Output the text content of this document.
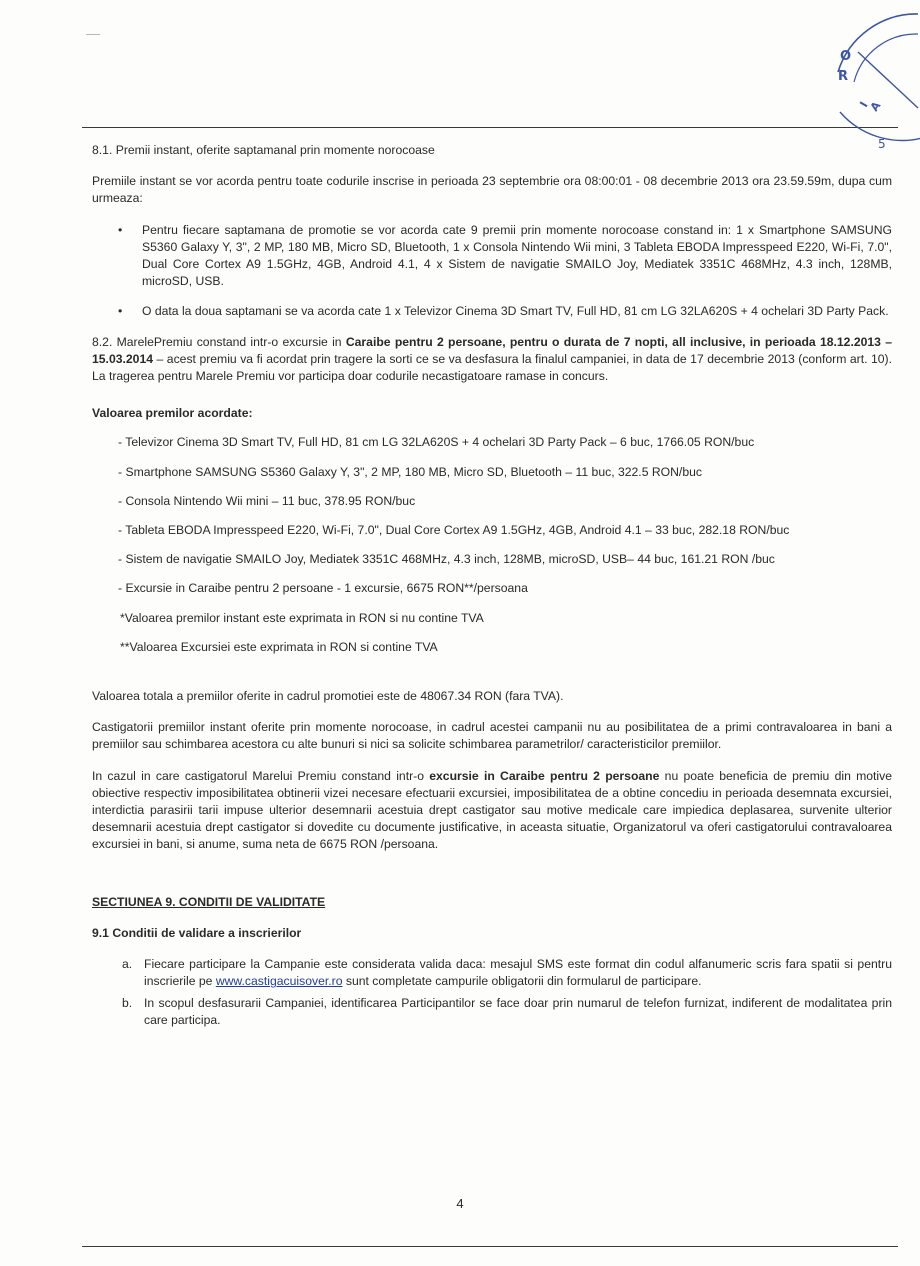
O
R
I
A
5

8.1. Premii instant, oferite saptamanal prin momente norocoase

Premiile instant se vor acorda pentru toate codurile inscrise in perioada 23 septembrie ora 08:00:01 - 08 decembrie 2013 ora 23.59.59m, dupa cum urmeaza:

• Pentru fiecare saptamana de promotie se vor acorda cate 9 premii prin momente norocoase constand in: 1 x Smartphone SAMSUNG S5360 Galaxy Y, 3", 2 MP, 180 MB, Micro SD, Bluetooth, 1 x Consola Nintendo Wii mini, 3 Tableta EBODA Impresspeed E220, Wi-Fi, 7.0", Dual Core Cortex A9 1.5GHz, 4GB, Android 4.1, 4 x Sistem de navigatie SMAILO Joy, Mediatek 3351C 468MHz, 4.3 inch, 128MB, microSD, USB.
• O data la doua saptamani se va acorda cate 1 x Televizor Cinema 3D Smart TV, Full HD, 81 cm LG 32LA620S + 4 ochelari 3D Party Pack.

8.2. MarelePremiu constand intr-o excursie in Caraibe pentru 2 persoane, pentru o durata de 7 nopti, all inclusive, in perioada 18.12.2013 – 15.03.2014 – acest premiu va fi acordat prin tragere la sorti ce se va desfasura la finalul campaniei, in data de 17 decembrie 2013 (conform art. 10). La tragerea pentru Marele Premiu vor participa doar codurile necastigatoare ramase in concurs.

Valoarea premilor acordate:

- Televizor Cinema 3D Smart TV, Full HD, 81 cm LG 32LA620S + 4 ochelari 3D Party Pack – 6 buc, 1766.05 RON/buc
- Smartphone SAMSUNG S5360 Galaxy Y, 3", 2 MP, 180 MB, Micro SD, Bluetooth – 11 buc, 322.5 RON/buc
- Consola Nintendo Wii mini – 11 buc, 378.95 RON/buc
- Tableta EBODA Impresspeed E220, Wi-Fi, 7.0", Dual Core Cortex A9 1.5GHz, 4GB, Android 4.1 – 33 buc, 282.18 RON/buc
- Sistem de navigatie SMAILO Joy, Mediatek 3351C 468MHz, 4.3 inch, 128MB, microSD, USB– 44 buc, 161.21 RON /buc
- Excursie in Caraibe pentru 2 persoane - 1 excursie, 6675 RON**/persoana

*Valoarea premilor instant este exprimata in RON si nu contine TVA

**Valoarea Excursiei este exprimata in RON si contine TVA

Valoarea totala a premiilor oferite in cadrul promotiei este de 48067.34 RON (fara TVA).

Castigatorii premiilor instant oferite prin momente norocoase, in cadrul acestei campanii nu au posibilitatea de a primi contravaloarea in bani a premiilor sau schimbarea acestora cu alte bunuri si nici sa solicite schimbarea parametrilor/ caracteristicilor premiilor.

In cazul in care castigatorul Marelui Premiu constand intr-o excursie in Caraibe pentru 2 persoane nu poate beneficia de premiu din motive obiective respectiv imposibilitatea obtinerii vizei necesare efectuarii excursiei, imposibilitatea de a obtine concediu in perioada desemnata excursiei, interdictia parasirii tarii impuse ulterior desemnarii acestuia drept castigator sau motive medicale care impiedica deplasarea, survenite ulterior desemnarii acestuia drept castigator si dovedite cu documente justificative, in aceasta situatie, Organizatorul va oferi castigatorului contravaloarea excursiei in bani, si anume, suma neta de 6675 RON /persoana.

SECTIUNEA 9. CONDITII DE VALIDITATE

9.1 Conditii de validare a inscrierilor

a. Fiecare participare la Campanie este considerata valida daca: mesajul SMS este format din codul alfanumeric scris fara spatii si pentru inscrierile pe www.castigacuisover.ro sunt completate campurile obligatorii din formularul de participare.
b. In scopul desfasurarii Campaniei, identificarea Participantilor se face doar prin numarul de telefon furnizat, indiferent de modalitatea prin care participa.
4
